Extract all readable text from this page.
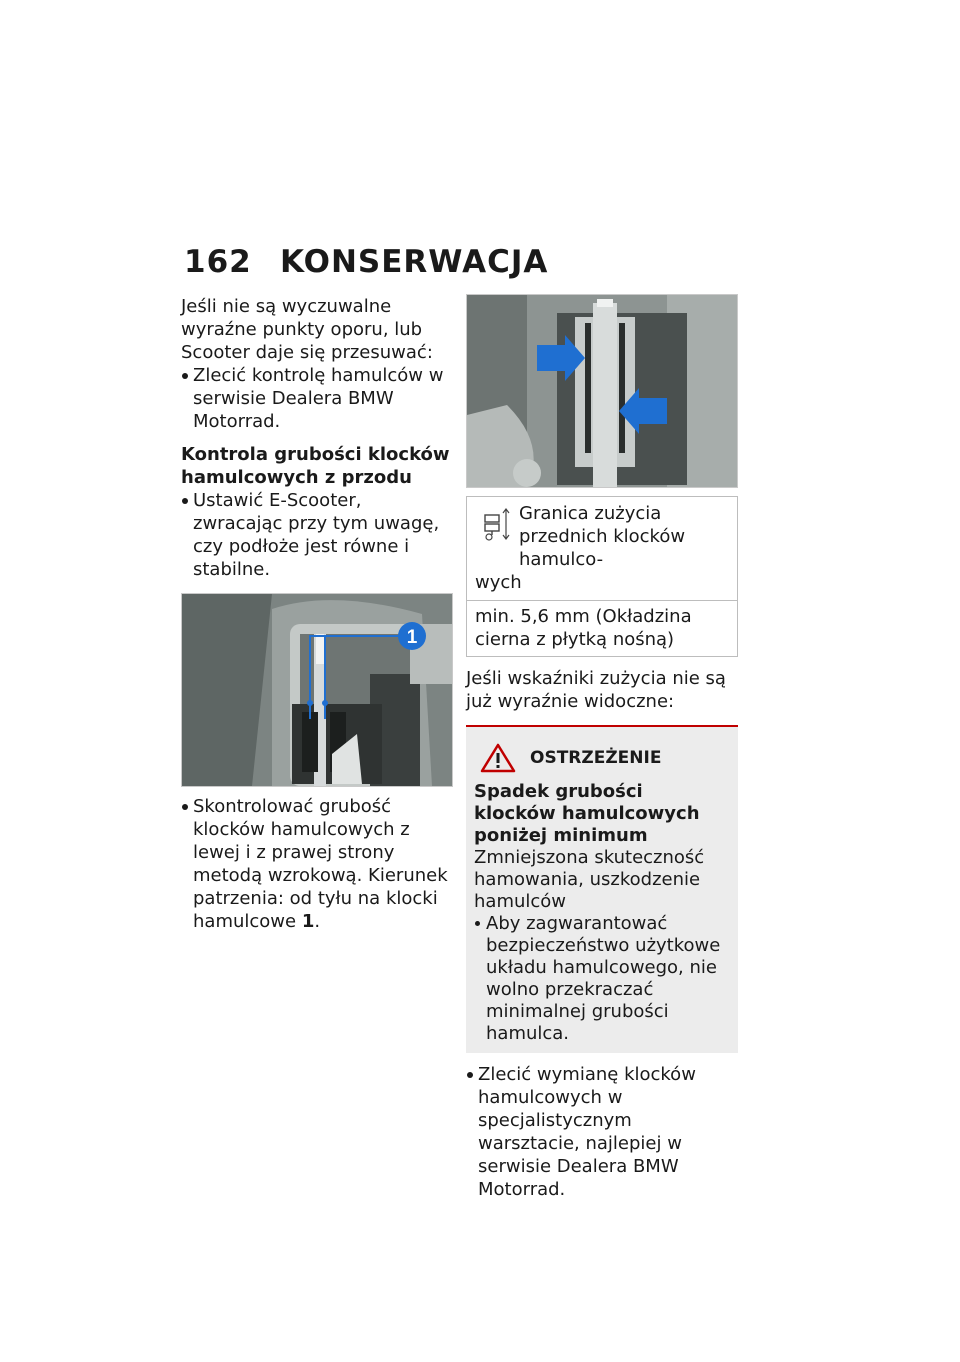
162 KONSERWACJA

Jeśli nie są wyczuwalne wyraźne punkty oporu, lub Scooter daje się przesuwać:

Zlecić kontrolę hamulców w serwisie Dealera BMW Motorrad.

Kontrola grubości klocków hamulcowych z przodu

Ustawić E-Scooter, zwracając przy tym uwagę, czy podłoże jest równe i stabilne.

1

Skontrolować grubość klocków hamulcowych z lewej i z prawej strony metodą wzrokową. Kierunek patrzenia: od tyłu na klocki hamulcowe 1.

Granica zużycia przednich klocków hamulco-
wych
min. 5,6 mm (Okładzina cierna z płytką nośną)

Jeśli wskaźniki zużycia nie są już wyraźnie widoczne:

OSTRZEŻENIE

Spadek grubości klocków hamulcowych poniżej minimum

Zmniejszona skuteczność hamowania, uszkodzenie hamulców

Aby zagwarantować bezpieczeństwo użytkowe układu hamulcowego, nie wolno przekraczać minimalnej grubości hamulca.

Zlecić wymianę klocków hamulcowych w specjalistycznym warsztacie, najlepiej w serwisie Dealera BMW Motorrad.
